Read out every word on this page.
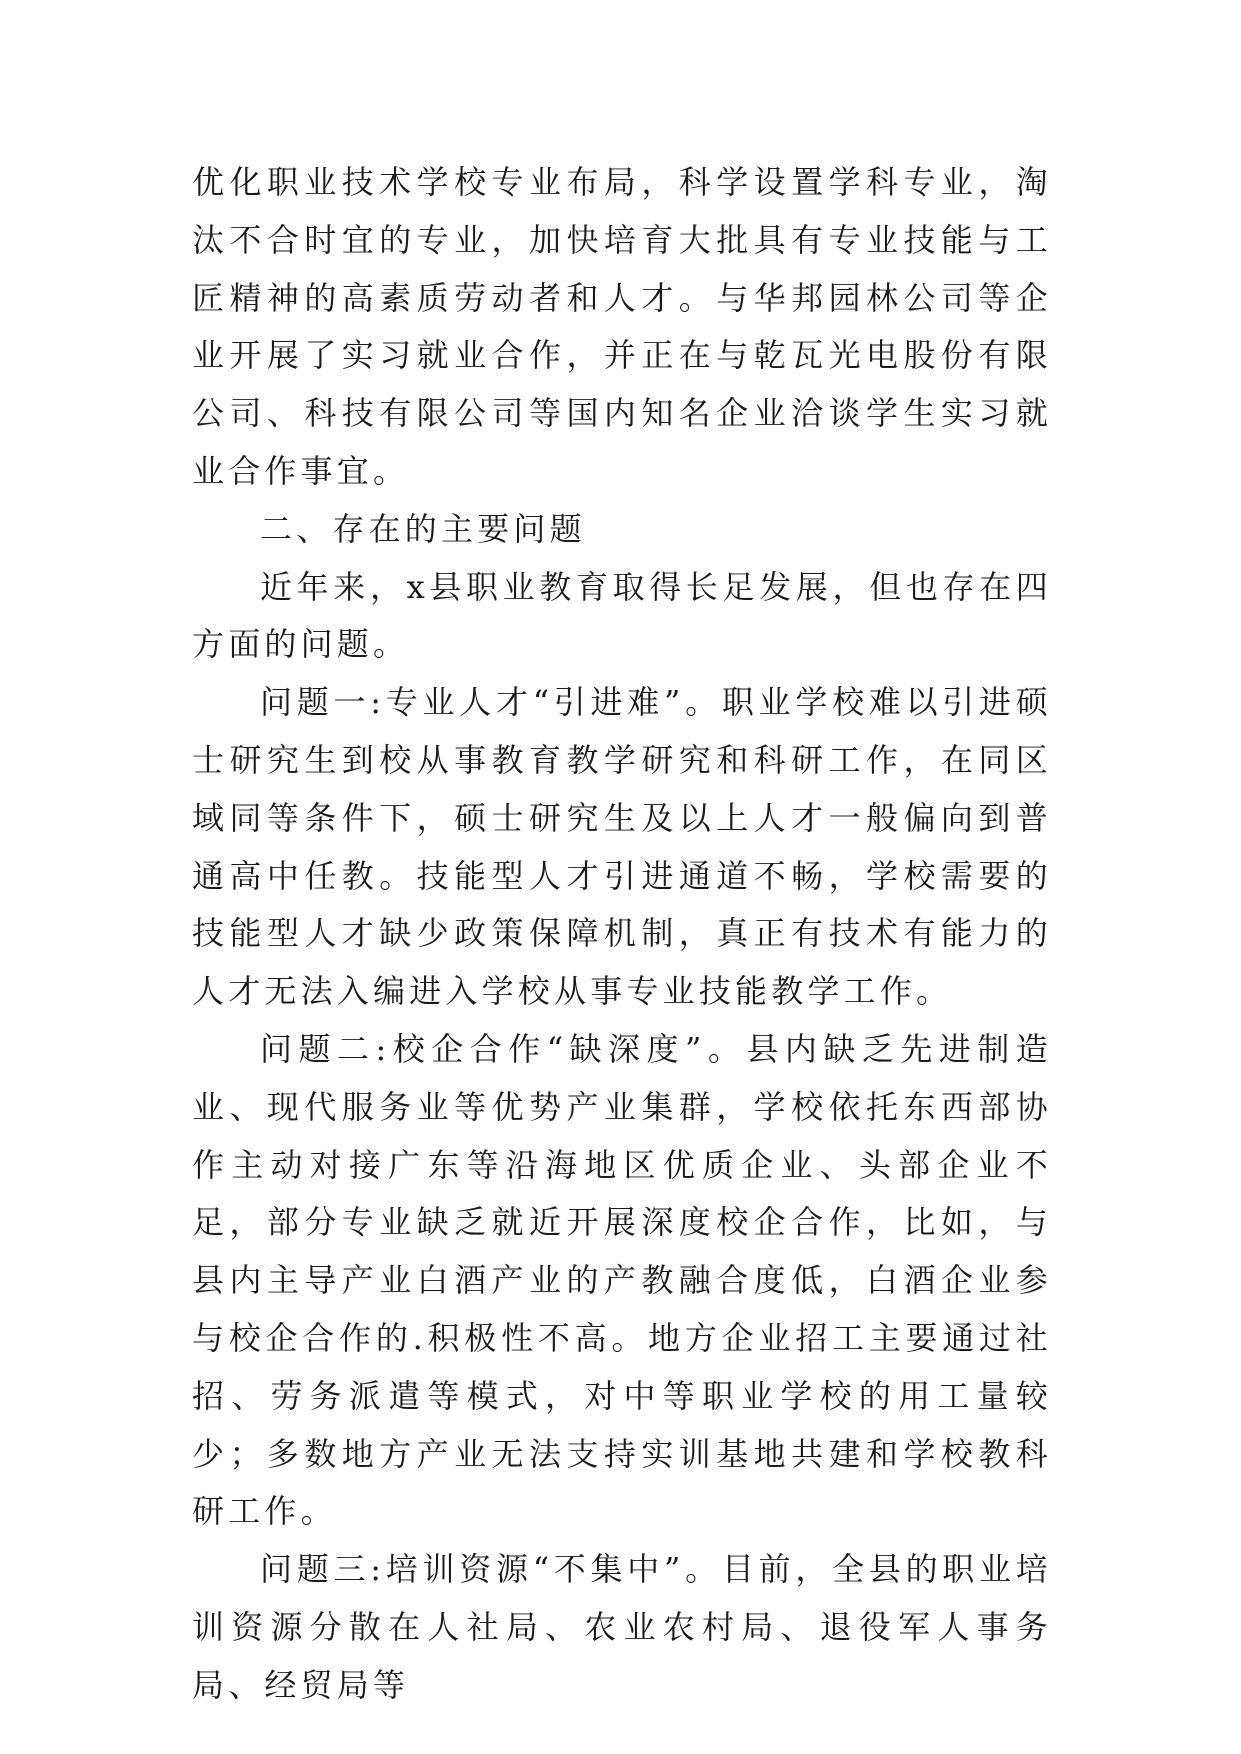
优化职业技术学校专业布局，科学设置学科专业，淘汰不合时宜的专业，加快培育大批具有专业技能与工匠精神的高素质劳动者和人才。与华邦园林公司等企业开展了实习就业合作，并正在与乾瓦光电股份有限公司、科技有限公司等国内知名企业洽谈学生实习就业合作事宜。

二、存在的主要问题

近年来，x县职业教育取得长足发展，但也存在四方面的问题。

问题一:专业人才“引进难”。职业学校难以引进硕士研究生到校从事教育教学研究和科研工作，在同区域同等条件下，硕士研究生及以上人才一般偏向到普通高中任教。技能型人才引进通道不畅，学校需要的技能型人才缺少政策保障机制，真正有技术有能力的人才无法入编进入学校从事专业技能教学工作。

问题二:校企合作“缺深度”。县内缺乏先进制造业、现代服务业等优势产业集群，学校依托东西部协作主动对接广东等沿海地区优质企业、头部企业不足，部分专业缺乏就近开展深度校企合作，比如，与县内主导产业白酒产业的产教融合度低，白酒企业参与校企合作的.积极性不高。地方企业招工主要通过社招、劳务派遣等模式，对中等职业学校的用工量较少；多数地方产业无法支持实训基地共建和学校教科研工作。

问题三:培训资源“不集中”。目前，全县的职业培训资源分散在人社局、农业农村局、退役军人事务局、经贸局等
